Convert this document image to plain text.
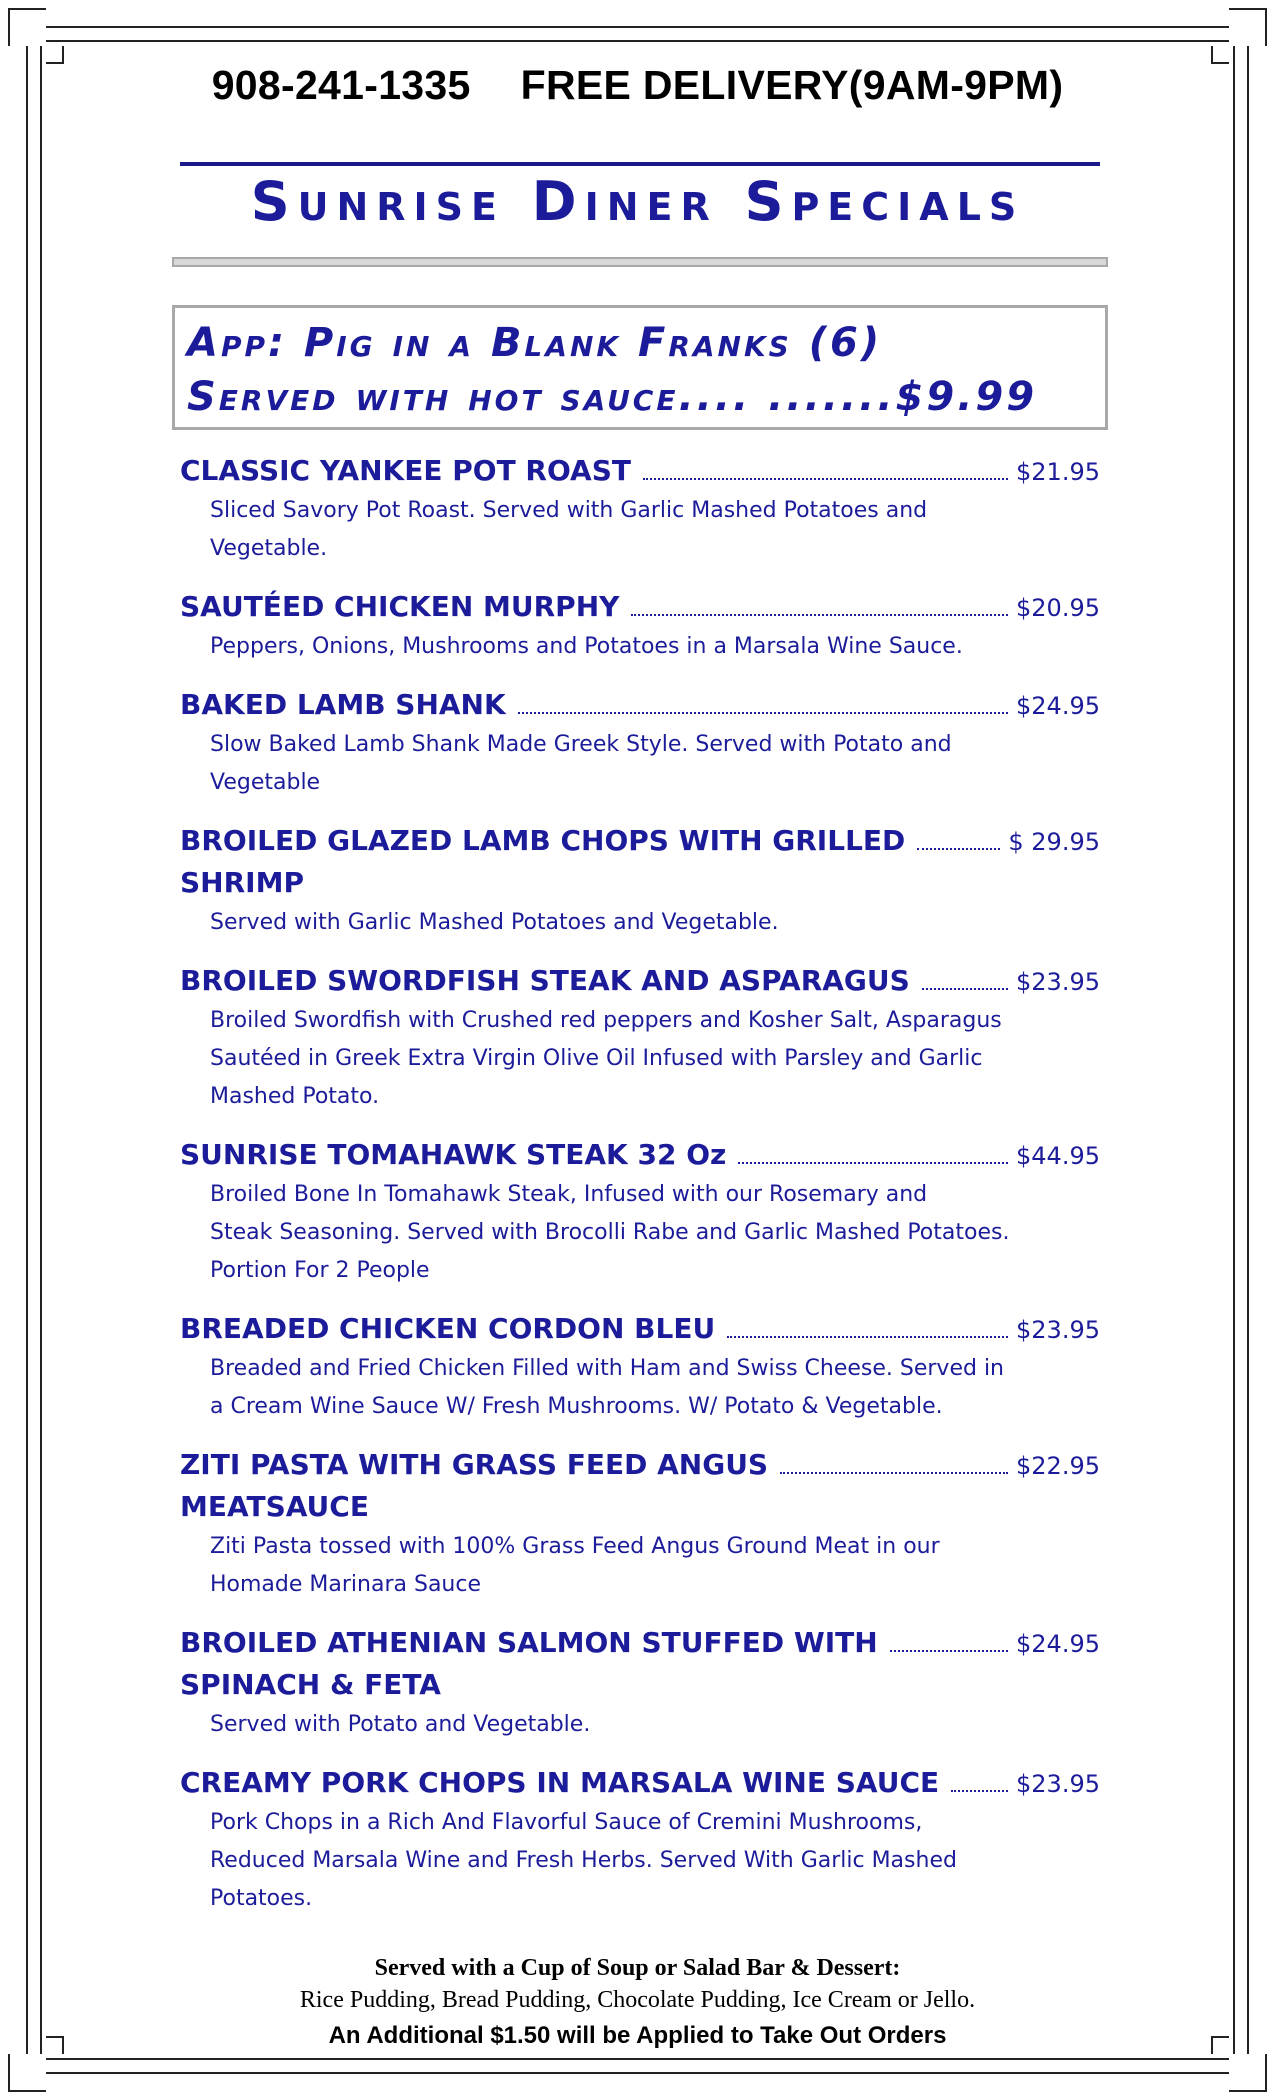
908-241-1335 FREE DELIVERY(9AM-9PM)
Sunrise Diner Specials
App: Pig in a Blank Franks (6)
Served with hot sauce.... .......$9.99
CLASSIC YANKEE POT ROAST	$21.95
Sliced Savory Pot Roast. Served with Garlic Mashed Potatoes and
Vegetable.
SAUTÉED CHICKEN MURPHY	$20.95
Peppers, Onions, Mushrooms and Potatoes in a Marsala Wine Sauce.
BAKED LAMB SHANK	$24.95
Slow Baked Lamb Shank Made Greek Style. Served with Potato and
Vegetable
BROILED GLAZED LAMB CHOPS WITH GRILLED	$ 29.95
SHRIMP
Served with Garlic Mashed Potatoes and Vegetable.
BROILED SWORDFISH STEAK AND ASPARAGUS	$23.95
Broiled Swordfish with Crushed red peppers and Kosher Salt, Asparagus
Sautéed in Greek Extra Virgin Olive Oil Infused with Parsley and Garlic
Mashed Potato.
SUNRISE TOMAHAWK STEAK 32 Oz	$44.95
Broiled Bone In Tomahawk Steak, Infused with our Rosemary and
Steak Seasoning. Served with Brocolli Rabe and Garlic Mashed Potatoes.
Portion For 2 People
BREADED CHICKEN CORDON BLEU	$23.95
Breaded and Fried Chicken Filled with Ham and Swiss Cheese. Served in
a Cream Wine Sauce W/ Fresh Mushrooms. W/ Potato & Vegetable.
ZITI PASTA WITH GRASS FEED ANGUS	$22.95
MEATSAUCE
Ziti Pasta tossed with 100% Grass Feed Angus Ground Meat in our
Homade Marinara Sauce
BROILED ATHENIAN SALMON STUFFED WITH	$24.95
SPINACH & FETA
Served with Potato and Vegetable.
CREAMY PORK CHOPS IN MARSALA WINE SAUCE	$23.95
Pork Chops in a Rich And Flavorful Sauce of Cremini Mushrooms,
Reduced Marsala Wine and Fresh Herbs. Served With Garlic Mashed
Potatoes.
Served with a Cup of Soup or Salad Bar & Dessert:
Rice Pudding, Bread Pudding, Chocolate Pudding, Ice Cream or Jello.
An Additional $1.50 will be Applied to Take Out Orders
